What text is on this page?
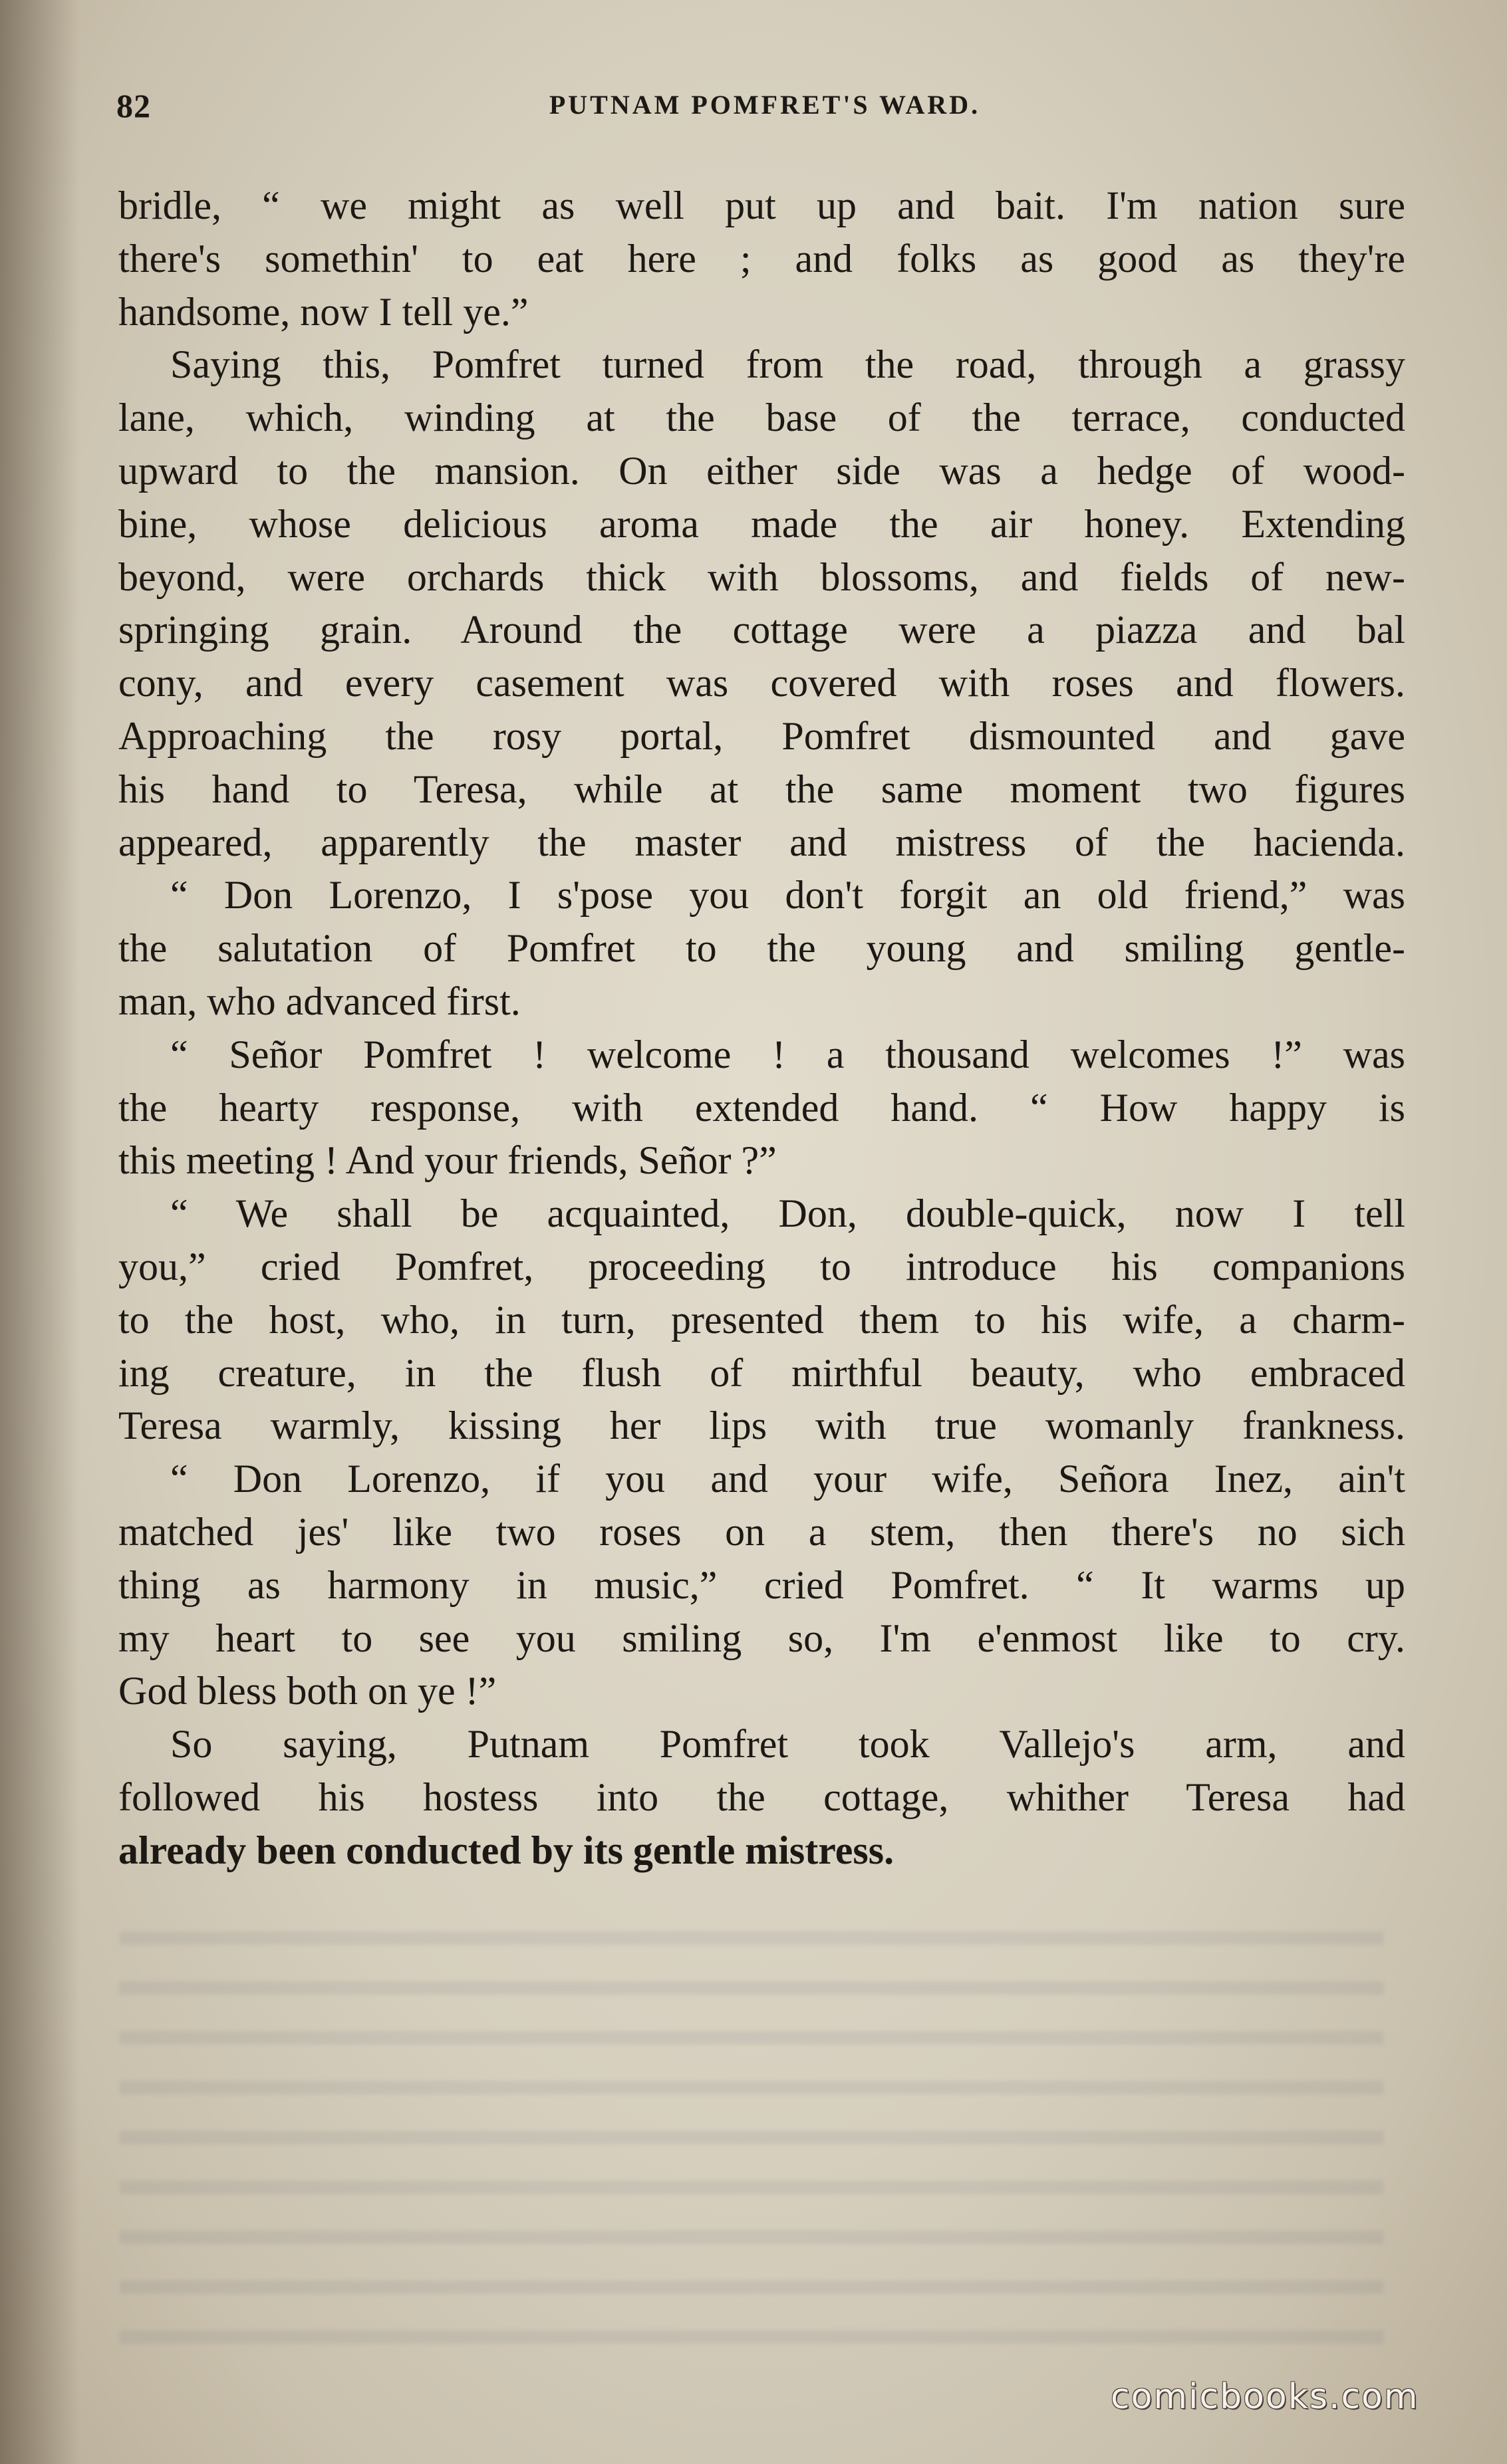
82	PUTNAM POMFRET'S WARD.
bridle, “ we might as well put up and bait. I'm nation sure
there's somethin' to eat here ; and folks as good as they're
handsome, now I tell ye.”
Saying this, Pomfret turned from the road, through a grassy
lane, which, winding at the base of the terrace, conducted
upward to the mansion. On either side was a hedge of wood-
bine, whose delicious aroma made the air honey. Extending
beyond, were orchards thick with blossoms, and fields of new-
springing grain. Around the cottage were a piazza and bal
cony, and every casement was covered with roses and flowers.
Approaching the rosy portal, Pomfret dismounted and gave
his hand to Teresa, while at the same moment two figures
appeared, apparently the master and mistress of the hacienda.
“ Don Lorenzo, I s'pose you don't forgit an old friend,” was
the salutation of Pomfret to the young and smiling gentle-
man, who advanced first.
“ Señor Pomfret ! welcome ! a thousand welcomes !” was
the hearty response, with extended hand. “ How happy is
this meeting ! And your friends, Señor ?”
“ We shall be acquainted, Don, double-quick, now I tell
you,” cried Pomfret, proceeding to introduce his companions
to the host, who, in turn, presented them to his wife, a charm-
ing creature, in the flush of mirthful beauty, who embraced
Teresa warmly, kissing her lips with true womanly frankness.
“ Don Lorenzo, if you and your wife, Señora Inez, ain't
matched jes' like two roses on a stem, then there's no sich
thing as harmony in music,” cried Pomfret. “ It warms up
my heart to see you smiling so, I'm e'enmost like to cry.
God bless both on ye !”
So saying, Putnam Pomfret took Vallejo's arm, and
followed his hostess into the cottage, whither Teresa had
already been conducted by its gentle mistress.
comicbooks.com
